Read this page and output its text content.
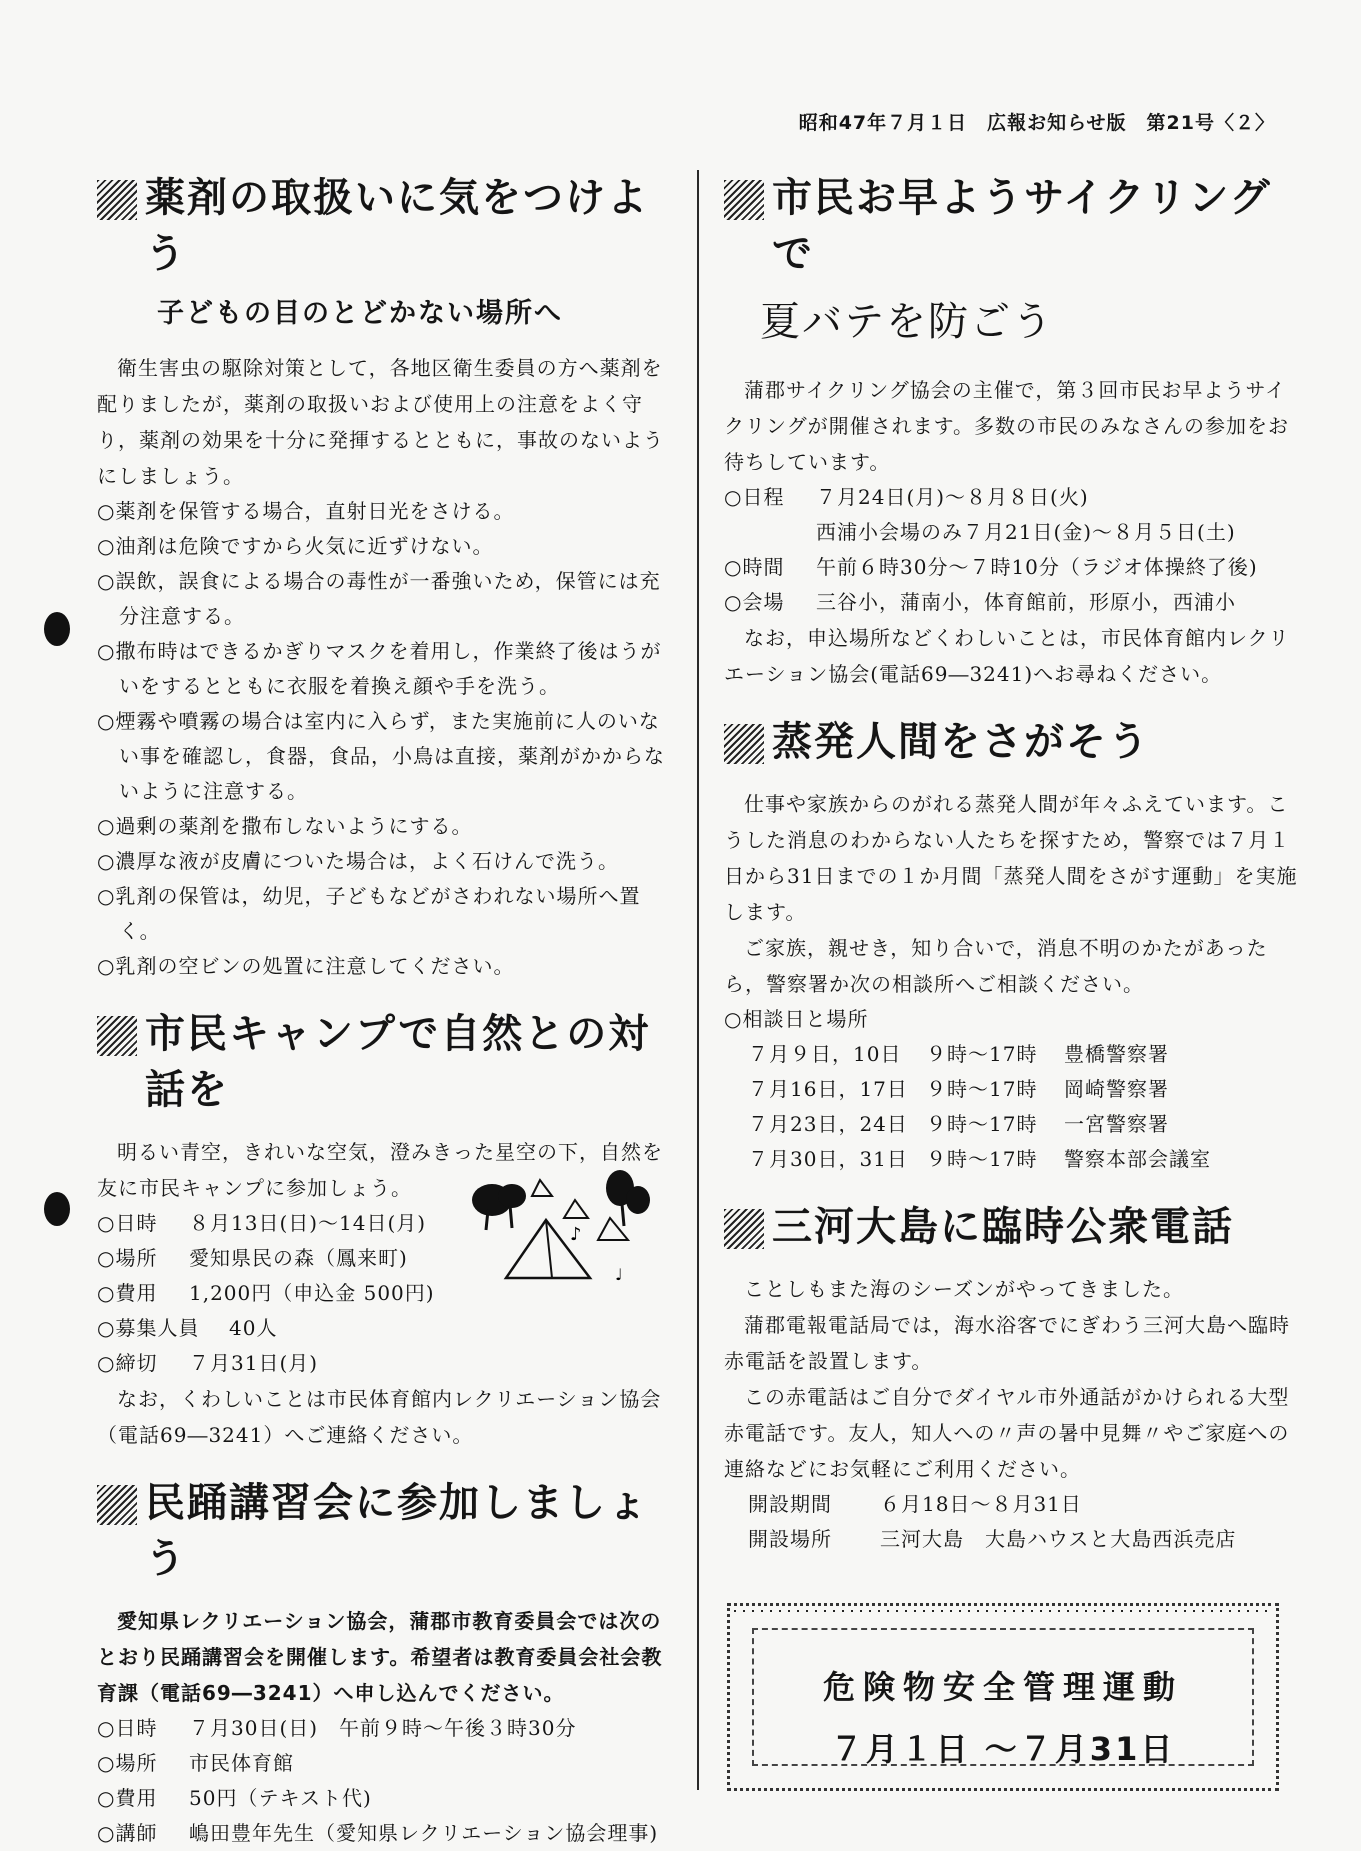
昭和47年７月１日　広報お知らせ版　第21号〈２〉
薬剤の取扱いに気をつけよう
子どもの目のとどかない場所へ

衛生害虫の駆除対策として，各地区衛生委員の方へ薬剤を配りましたが，薬剤の取扱いおよび使用上の注意をよく守り，薬剤の効果を十分に発揮するとともに，事故のないようにしましょう。

○薬剤を保管する場合，直射日光をさける。

○油剤は危険ですから火気に近ずけない。

○誤飲，誤食による場合の毒性が一番強いため，保管には充分注意する。

○撒布時はできるかぎりマスクを着用し，作業終了後はうがいをするとともに衣服を着換え顔や手を洗う。

○煙霧や噴霧の場合は室内に入らず，また実施前に人のいない事を確認し，食器，食品，小鳥は直接，薬剤がかからないように注意する。

○過剰の薬剤を撒布しないようにする。

○濃厚な液が皮膚についた場合は，よく石けんで洗う。

○乳剤の保管は，幼児，子どもなどがさわれない場所へ置く。

○乳剤の空ビンの処置に注意してください。

市民キャンプで自然との対話を

明るい青空，きれいな空気，澄みきった星空の下，自然を友に市民キャンプに参加しょう。

○日時	８月13日(日)〜14日(月)
○場所	愛知県民の森（鳳来町)
○費用	1,200円（申込金 500円)
○募集人員	40人
○締切	７月31日(月)

なお，くわしいことは市民体育館内レクリエーション協会（電話69―3241）へご連絡ください。

民踊講習会に参加しましょう

愛知県レクリエーション協会，蒲郡市教育委員会では次のとおり民踊講習会を開催します。希望者は教育委員会社会教育課（電話69―3241）へ申し込んでください。

○日時	７月30日(日)　午前９時〜午後３時30分
○場所	市民体育館
○費用	50円（テキスト代)
○講師	嶋田豊年先生（愛知県レクリエーション協会理事)
♪
♩
市民お早ようサイクリングで
夏バテを防ごう

蒲郡サイクリング協会の主催で，第３回市民お早ようサイクリングが開催されます。多数の市民のみなさんの参加をお待ちしています。

○日程	７月24日(月)〜８月８日(火)
西浦小会場のみ７月21日(金)〜８月５日(土)
○時間	午前６時30分〜７時10分（ラジオ体操終了後)
○会場	三谷小，蒲南小，体育館前，形原小，西浦小

なお，申込場所などくわしいことは，市民体育館内レクリエーション協会(電話69―3241)へお尋ねください。

蒸発人間をさがそう

仕事や家族からのがれる蒸発人間が年々ふえています。こうした消息のわからない人たちを探すため，警察では７月１日から31日までの１か月間「蒸発人間をさがす運動」を実施します。

ご家族，親せき，知り合いで，消息不明のかたがあったら，警察署か次の相談所へご相談ください。

○相談日と場所
７月９日，10日	９時〜17時	豊橋警察署
７月16日，17日 ９時〜17時	岡崎警察署
７月23日，24日 ９時〜17時	一宮警察署
７月30日，31日 ９時〜17時	警察本部会議室
三河大島に臨時公衆電話

ことしもまた海のシーズンがやってきました。

蒲郡電報電話局では，海水浴客でにぎわう三河大島へ臨時赤電話を設置します。

この赤電話はご自分でダイヤル市外通話がかけられる大型赤電話です。友人，知人への〃声の暑中見舞〃やご家庭への連絡などにお気軽にご利用ください。

開設期間	６月18日〜８月31日
開設場所	三河大島　大島ハウスと大島西浜売店
危険物安全管理運動
７月１日 〜７月31日
